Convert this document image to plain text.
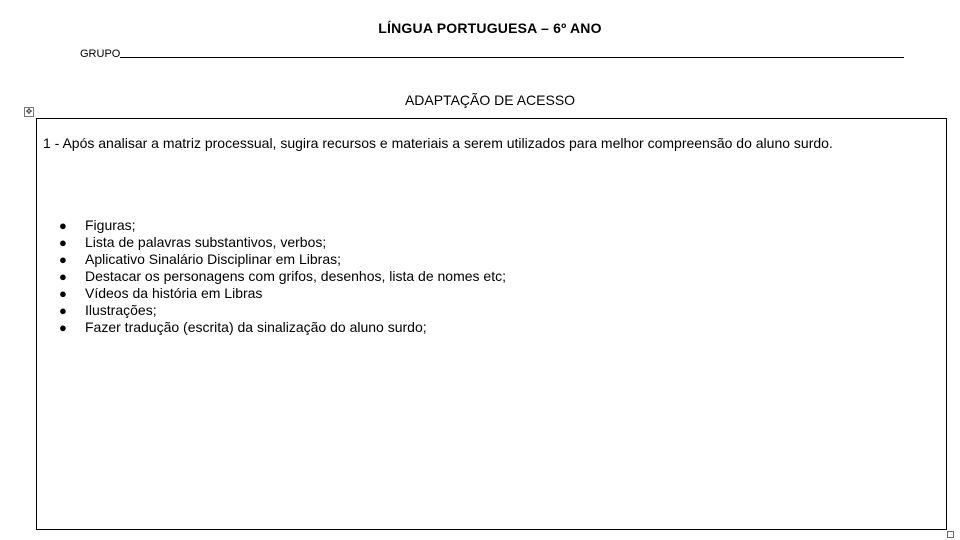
LÍNGUA PORTUGUESA – 6º ANO
GRUPO
ADAPTAÇÃO DE ACESSO
✥
1 - Após analisar a matriz processual, sugira recursos e materiais a serem utilizados para melhor compreensão do aluno surdo.
●	Figuras;
●	Lista de palavras substantivos, verbos;
●	Aplicativo Sinalário Disciplinar em Libras;
●	Destacar os personagens com grifos, desenhos, lista de nomes etc;
●	Vídeos da história em Libras
●	Ilustrações;
●	Fazer tradução (escrita) da sinalização do aluno surdo;
